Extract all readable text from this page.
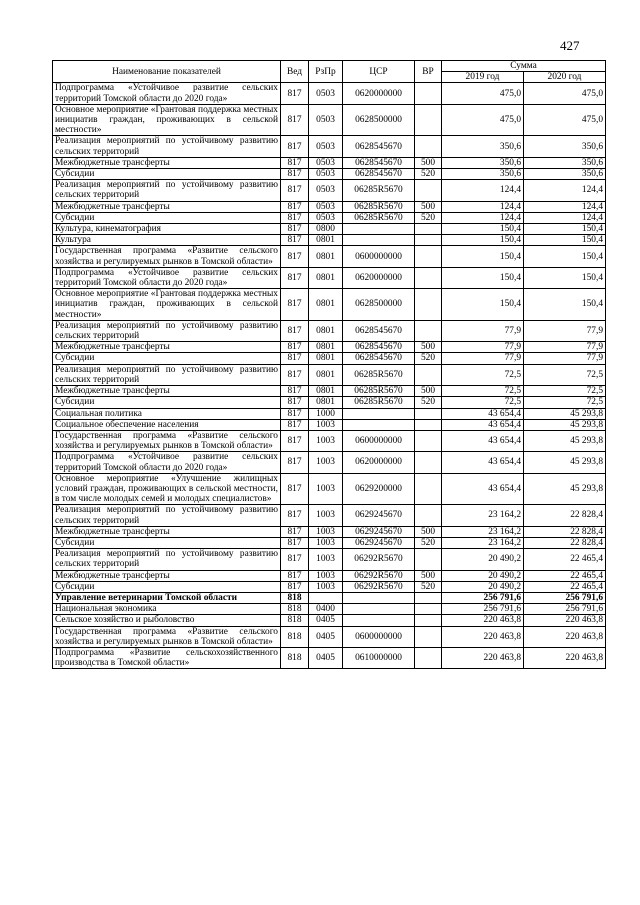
427
Наименование показателей	Вед	РзПр	ЦСР	ВР	Сумма	
					2019 год	2020 год
Подпрограмма «Устойчивое развитие сельских территорий Томской области до 2020 года»	817	0503	0620000000		475,0	475,0
Основное мероприятие «Грантовая поддержка местных инициатив граждан, проживающих в сельской местности»	817	0503	0628500000		475,0	475,0
Реализация мероприятий по устойчивому развитию сельских территорий	817	0503	0628545670		350,6	350,6
Межбюджетные трансферты	817	0503	0628545670	500	350,6	350,6
Субсидии	817	0503	0628545670	520	350,6	350,6
Реализация мероприятий по устойчивому развитию сельских территорий	817	0503	06285R5670		124,4	124,4
Межбюджетные трансферты	817	0503	06285R5670	500	124,4	124,4
Субсидии	817	0503	06285R5670	520	124,4	124,4
Культура, кинематография	817	0800			150,4	150,4
Культура	817	0801			150,4	150,4
Государственная программа «Развитие сельского хозяйства и регулируемых рынков в Томской области»	817	0801	0600000000		150,4	150,4
Подпрограмма «Устойчивое развитие сельских территорий Томской области до 2020 года»	817	0801	0620000000		150,4	150,4
Основное мероприятие «Грантовая поддержка местных инициатив граждан, проживающих в сельской местности»	817	0801	0628500000		150,4	150,4
Реализация мероприятий по устойчивому развитию сельских территорий	817	0801	0628545670		77,9	77,9
Межбюджетные трансферты	817	0801	0628545670	500	77,9	77,9
Субсидии	817	0801	0628545670	520	77,9	77,9
Реализация мероприятий по устойчивому развитию сельских территорий	817	0801	06285R5670		72,5	72,5
Межбюджетные трансферты	817	0801	06285R5670	500	72,5	72,5
Субсидии	817	0801	06285R5670	520	72,5	72,5
Социальная политика	817	1000			43 654,4	45 293,8
Социальное обеспечение населения	817	1003			43 654,4	45 293,8
Государственная программа «Развитие сельского хозяйства и регулируемых рынков в Томской области»	817	1003	0600000000		43 654,4	45 293,8
Подпрограмма «Устойчивое развитие сельских территорий Томской области до 2020 года»	817	1003	0620000000		43 654,4	45 293,8
Основное мероприятие «Улучшение жилищных условий граждан, проживающих в сельской местности, в том числе молодых семей и молодых специалистов»	817	1003	0629200000		43 654,4	45 293,8
Реализация мероприятий по устойчивому развитию сельских территорий	817	1003	0629245670		23 164,2	22 828,4
Межбюджетные трансферты	817	1003	0629245670	500	23 164,2	22 828,4
Субсидии	817	1003	0629245670	520	23 164,2	22 828,4
Реализация мероприятий по устойчивому развитию сельских территорий	817	1003	06292R5670		20 490,2	22 465,4
Межбюджетные трансферты	817	1003	06292R5670	500	20 490,2	22 465,4
Субсидии	817	1003	06292R5670	520	20 490,2	22 465,4
Управление ветеринарии Томской области	818				256 791,6	256 791,6
Национальная экономика	818	0400			256 791,6	256 791,6
Сельское хозяйство и рыболовство	818	0405			220 463,8	220 463,8
Государственная программа «Развитие сельского хозяйства и регулируемых рынков в Томской области»	818	0405	0600000000		220 463,8	220 463,8
Подпрограмма «Развитие сельскохозяйственного производства в Томской области»	818	0405	0610000000		220 463,8	220 463,8
